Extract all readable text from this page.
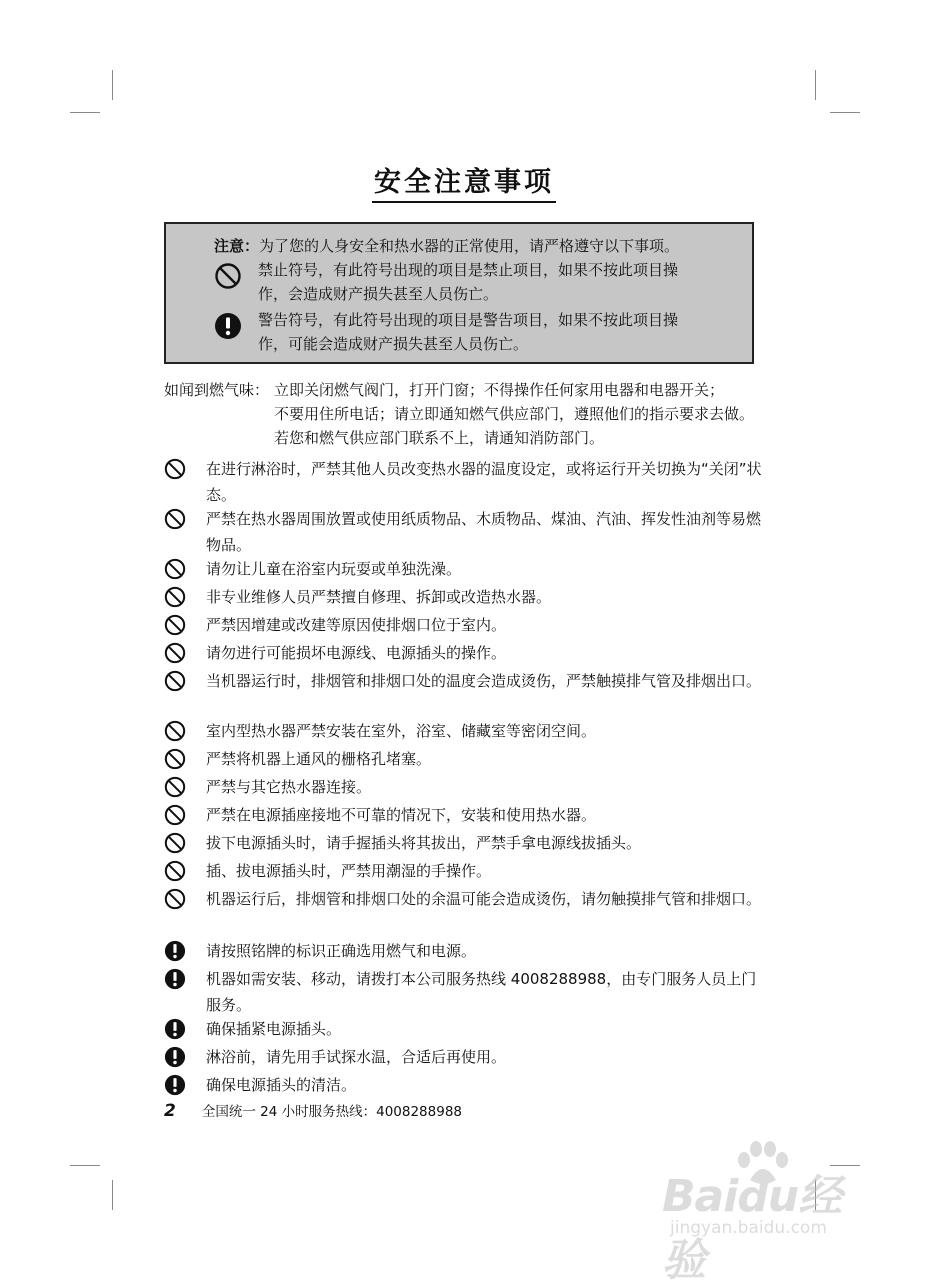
安全注意事项
注意：为了您的人身安全和热水器的正常使用，请严格遵守以下事项。
禁止符号，有此符号出现的项目是禁止项目，如果不按此项目操
作，会造成财产损失甚至人员伤亡。
警告符号，有此符号出现的项目是警告项目，如果不按此项目操
作，可能会造成财产损失甚至人员伤亡。
如闻到燃气味： 立即关闭燃气阀门，打开门窗；不得操作任何家用电器和电器开关；
不要用住所电话；请立即通知燃气供应部门，遵照他们的指示要求去做。
若您和燃气供应部门联系不上，请通知消防部门。

在进行淋浴时，严禁其他人员改变热水器的温度设定，或将运行开关切换为“关闭”状态。

严禁在热水器周围放置或使用纸质物品、木质物品、煤油、汽油、挥发性油剂等易燃物品。

请勿让儿童在浴室内玩耍或单独洗澡。

非专业维修人员严禁擅自修理、拆卸或改造热水器。

严禁因增建或改建等原因使排烟口位于室内。

请勿进行可能损坏电源线、电源插头的操作。

当机器运行时，排烟管和排烟口处的温度会造成烫伤，严禁触摸排气管及排烟出口。

室内型热水器严禁安装在室外，浴室、储藏室等密闭空间。

严禁将机器上通风的栅格孔堵塞。

严禁与其它热水器连接。

严禁在电源插座接地不可靠的情况下，安装和使用热水器。

拔下电源插头时，请手握插头将其拔出，严禁手拿电源线拔插头。

插、拔电源插头时，严禁用潮湿的手操作。

机器运行后，排烟管和排烟口处的余温可能会造成烫伤，请勿触摸排气管和排烟口。

请按照铭牌的标识正确选用燃气和电源。

机器如需安装、移动，请拨打本公司服务热线 4008288988，由专门服务人员上门服务。

确保插紧电源插头。

淋浴前，请先用手试探水温，合适后再使用。

确保电源插头的清洁。

2 全国统一 24 小时服务热线：4008288988
Baidu经验
jingyan.baidu.com
